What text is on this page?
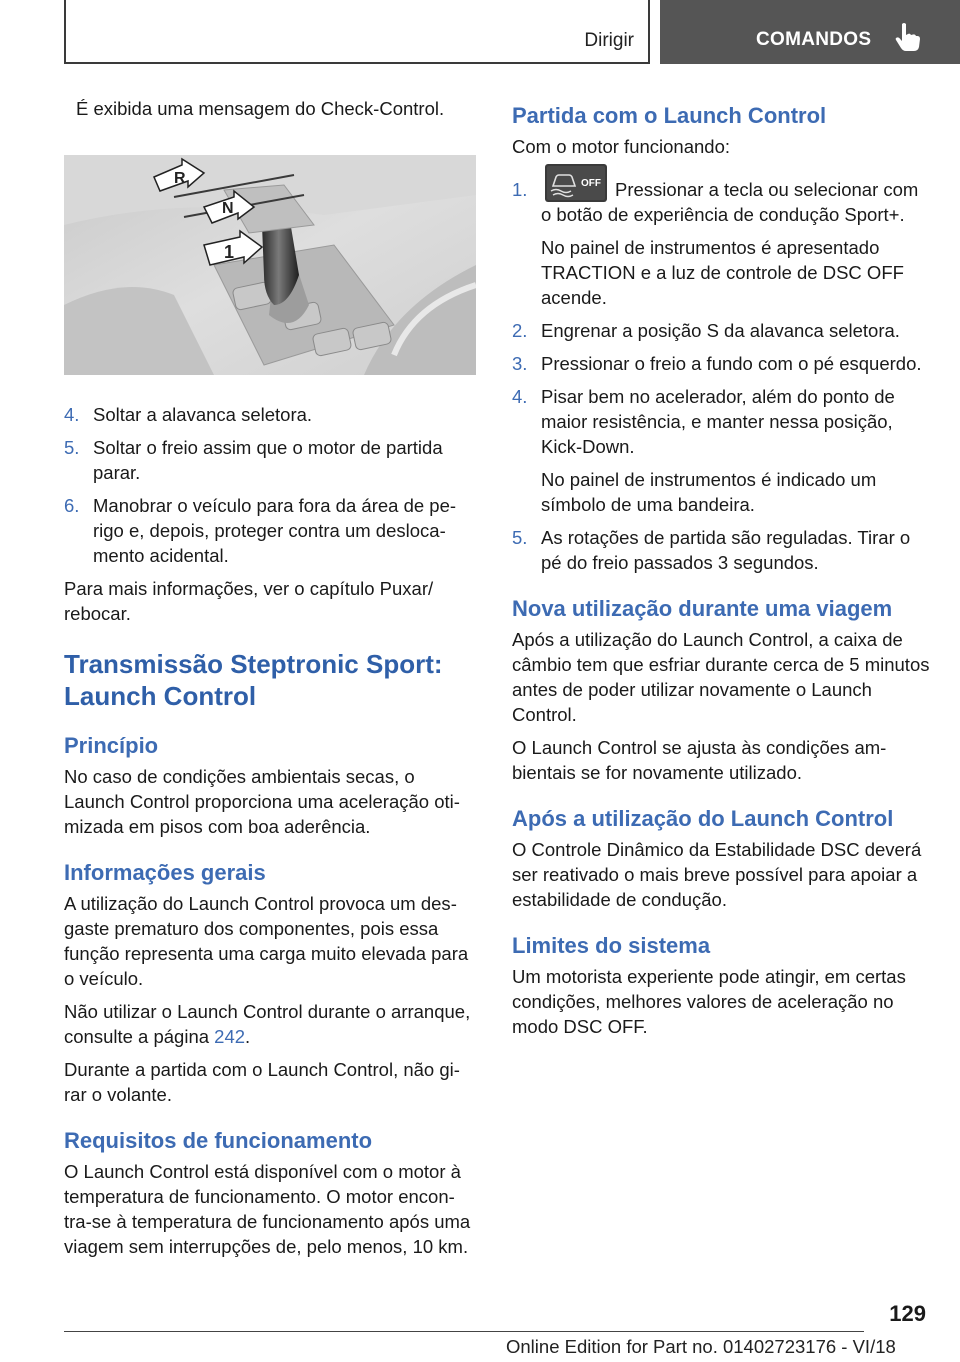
Dirigir	COMANDOS

É exibida uma mensagem do Check-Control.

R
N
1
4. Soltar a alavanca seletora.
5. Soltar o freio assim que o motor de partida parar.
6. Manobrar o veículo para fora da área de perigo e, depois, proteger contra um deslocamento acidental.

Para mais informações, ver o capítulo Puxar/ rebocar.

Transmissão Steptronic Sport: Launch Control
Princípio

No caso de condições ambientais secas, o Launch Control proporciona uma aceleração otimizada em pisos com boa aderência.

Informações gerais

A utilização do Launch Control provoca um desgaste prematuro dos componentes, pois essa função representa uma carga muito elevada para o veículo.

Não utilizar o Launch Control durante o arranque, consulte a página 242.

Durante a partida com o Launch Control, não girar o volante.

Requisitos de funcionamento

O Launch Control está disponível com o motor à temperatura de funcionamento. O motor encontra-se à temperatura de funcionamento após uma viagem sem interrupções de, pelo menos, 10 km.

Partida com o Launch Control

Com o motor funcionando:

1.	OFF Pressionar a tecla ou selecionar com o botão de experiência de condução Sport+.

No painel de instrumentos é apresentado TRACTION e a luz de controle de DSC OFF acende.

2. Engrenar a posição S da alavanca seletora.
3. Pressionar o freio a fundo com o pé esquerdo.
4. Pisar bem no acelerador, além do ponto de maior resistência, e manter nessa posição, Kick-Down.

No painel de instrumentos é indicado um símbolo de uma bandeira.

5. As rotações de partida são reguladas. Tirar o pé do freio passados 3 segundos.
Nova utilização durante uma viagem

Após a utilização do Launch Control, a caixa de câmbio tem que esfriar durante cerca de 5 minutos antes de poder utilizar novamente o Launch Control.

O Launch Control se ajusta às condições ambientais se for novamente utilizado.

Após a utilização do Launch Control

O Controle Dinâmico da Estabilidade DSC deverá ser reativado o mais breve possível para apoiar a estabilidade de condução.

Limites do sistema

Um motorista experiente pode atingir, em certas condições, melhores valores de aceleração no modo DSC OFF.

129
Online Edition for Part no. 01402723176 - VI/18
